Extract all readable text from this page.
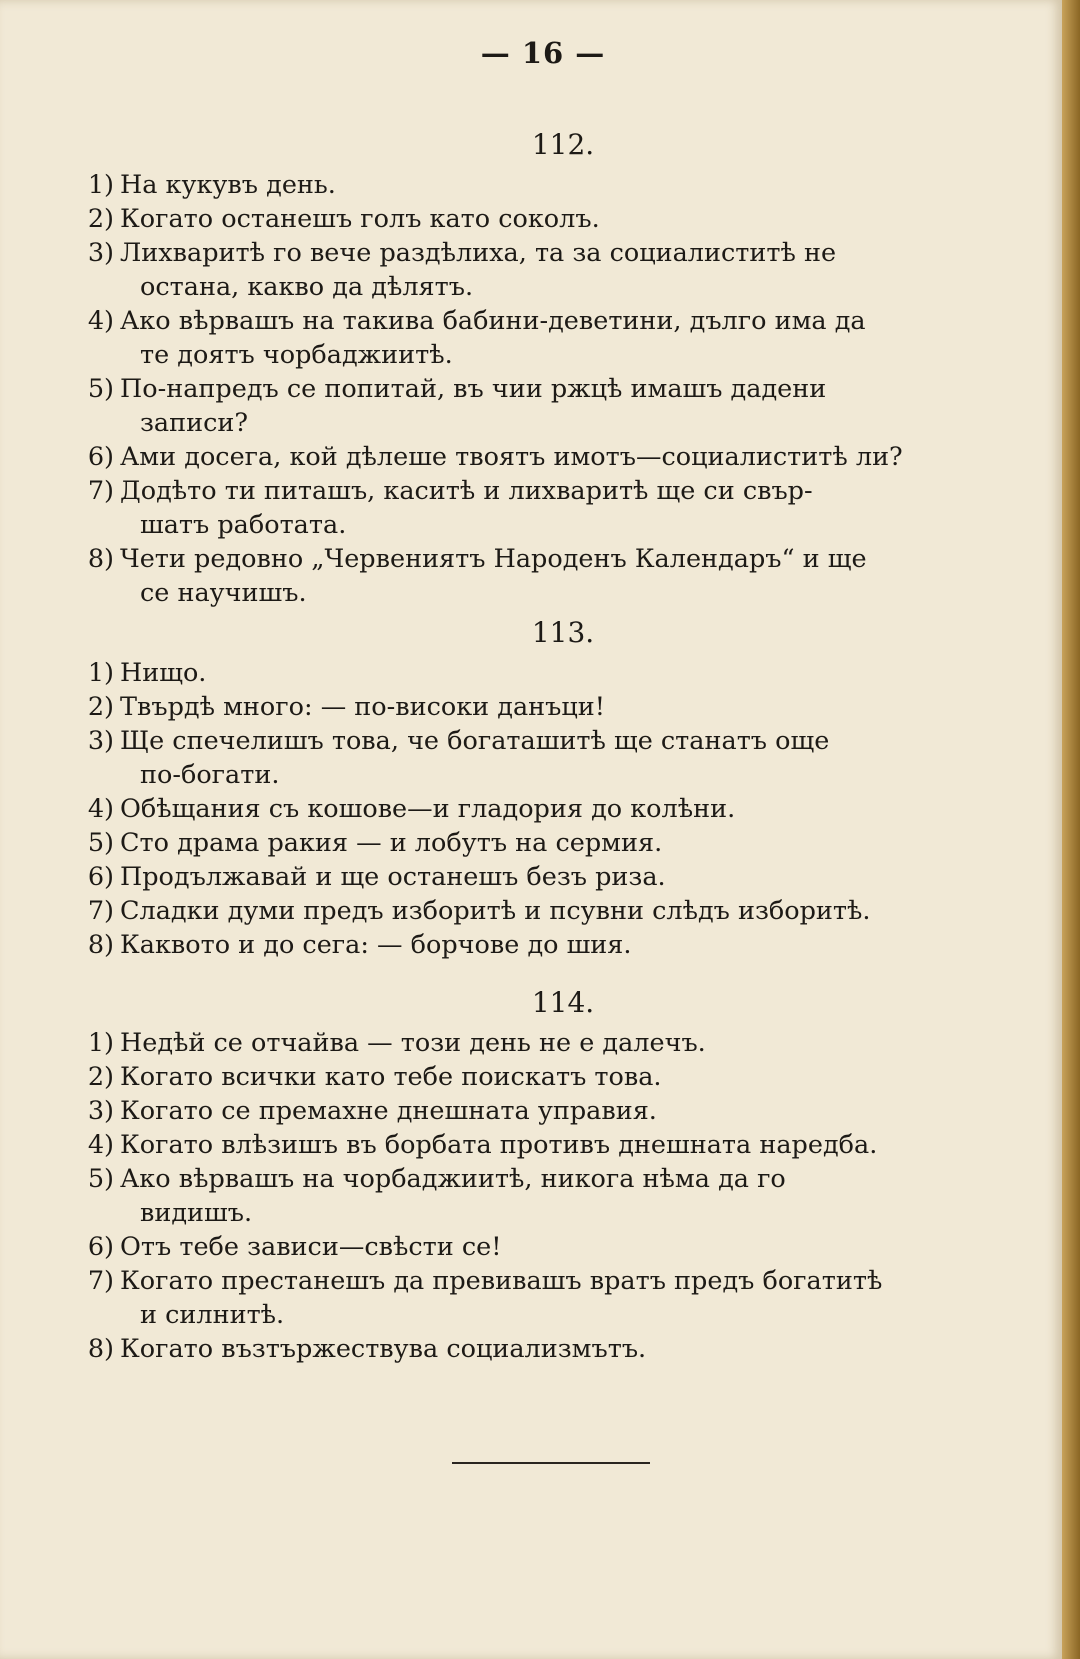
— 16 —
112.
1) На кукувъ день.
2) Когато останешъ голъ като соколъ.
3) Лихваритѣ го вече раздѣлиха, та за социалиститѣ не
остана, какво да дѣлятъ.
4) Ако вѣрвашъ на такива бабини-деветини, дълго има да
те доятъ чорбаджиитѣ.
5) По-напредъ се попитай, въ чии ржцѣ имашъ дадени
записи?
6) Ами досега, кой дѣлеше твоятъ имотъ—социалиститѣ ли?
7) Додѣто ти питашъ, каситѣ и лихваритѣ ще си свър-
шатъ работата.
8) Чети редовно „Червениятъ Народенъ Календаръ“ и ще
се научишъ.
113.
1) Нищо.
2) Твърдѣ много: — по-високи данъци!
3) Ще спечелишъ това, че богаташитѣ ще станатъ още
по-богати.
4) Обѣщания съ кошове—и гладория до колѣни.
5) Сто драма ракия — и лобутъ на сермия.
6) Продължавай и ще останешъ безъ риза.
7) Сладки думи предъ изборитѣ и псувни слѣдъ изборитѣ.
8) Каквото и до сега: — борчове до шия.
114.
1) Недѣй се отчайва — този день не е далечъ.
2) Когато всички като тебе поискатъ това.
3) Когато се премахне днешната управия.
4) Когато влѣзишъ въ борбата противъ днешната наредба.
5) Ако вѣрвашъ на чорбаджиитѣ, никога нѣма да го
видишъ.
6) Отъ тебе зависи—свѣсти се!
7) Когато престанешъ да превивашъ вратъ предъ богатитѣ
и силнитѣ.
8) Когато възтържествува социализмътъ.
